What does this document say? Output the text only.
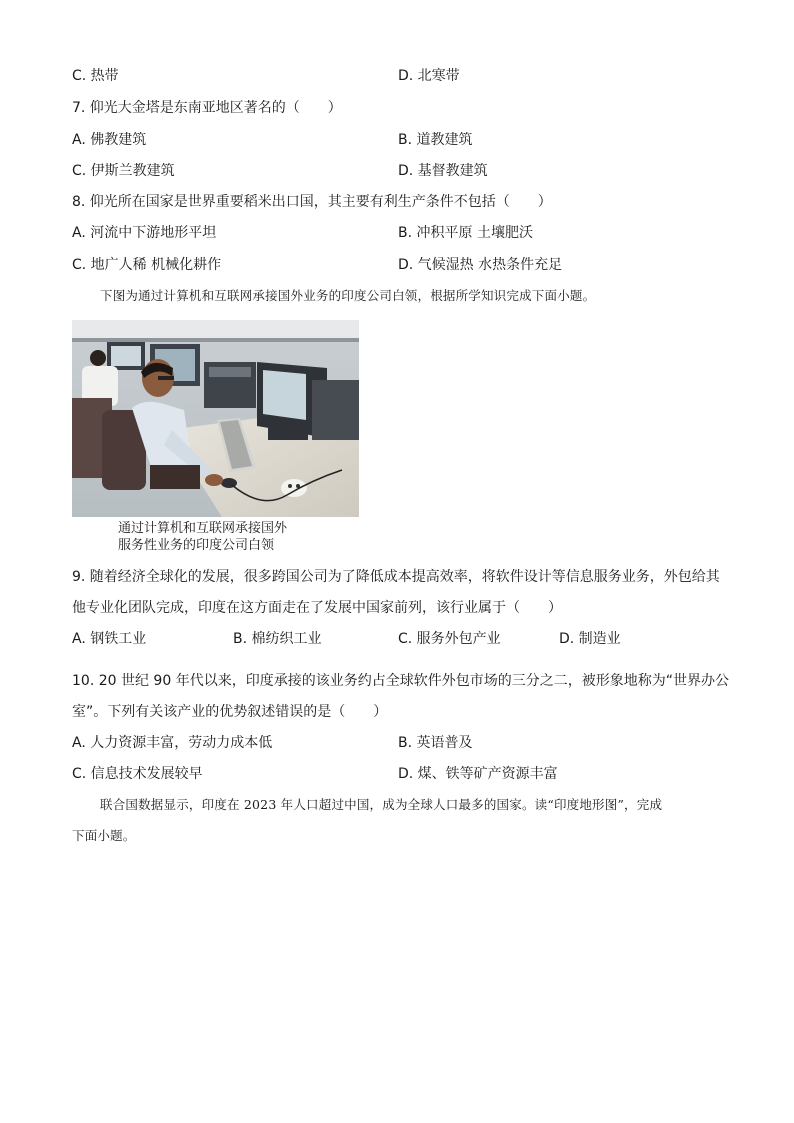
C. 热带	D. 北寒带
7. 仰光大金塔是东南亚地区著名的（　　）
A. 佛教建筑	B. 道教建筑
C. 伊斯兰教建筑	D. 基督教建筑
8. 仰光所在国家是世界重要稻米出口国，其主要有利生产条件不包括（　　）
A. 河流中下游地形平坦	B. 冲积平原 土壤肥沃
C. 地广人稀 机械化耕作	D. 气候湿热 水热条件充足
下图为通过计算机和互联网承接国外业务的印度公司白领，根据所学知识完成下面小题。
通过计算机和互联网承接国外
服务性业务的印度公司白领
9. 随着经济全球化的发展，很多跨国公司为了降低成本提高效率，将软件设计等信息服务业务，外包给其
他专业化团队完成，印度在这方面走在了发展中国家前列，该行业属于（　　）
A. 钢铁工业	B. 棉纺织工业	C. 服务外包产业	D. 制造业
10. 20 世纪 90 年代以来，印度承接的该业务约占全球软件外包市场的三分之二，被形象地称为“世界办公
室”。下列有关该产业的优势叙述错误的是（　　）
A. 人力资源丰富，劳动力成本低	B. 英语普及
C. 信息技术发展较早	D. 煤、铁等矿产资源丰富
联合国数据显示，印度在 2023 年人口超过中国，成为全球人口最多的国家。读“印度地形图”，完成
下面小题。
